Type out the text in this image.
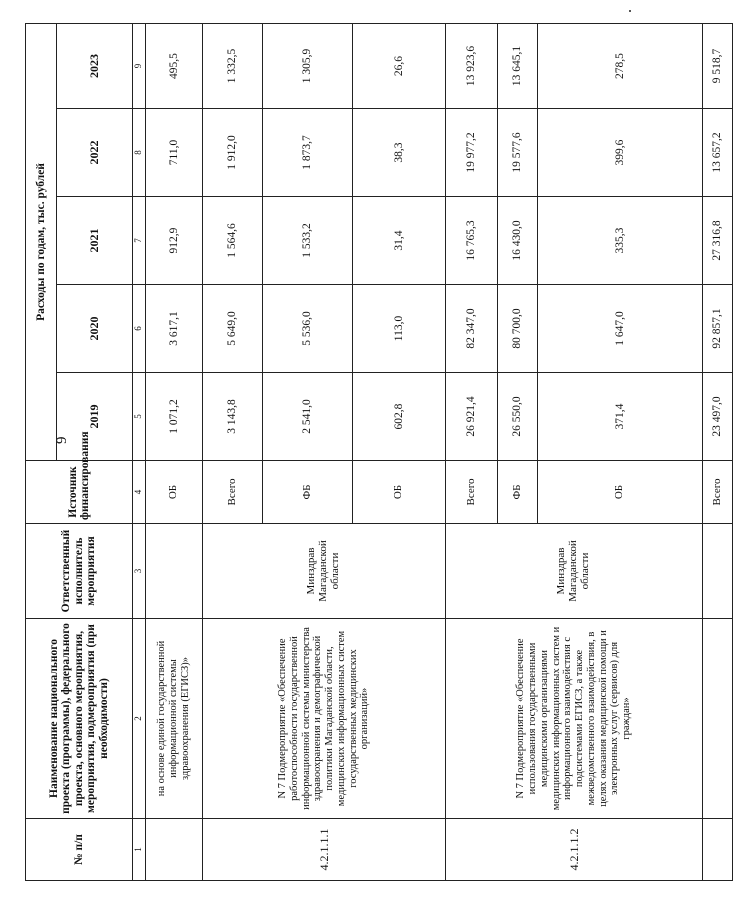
9
№ п/п	Наименование национального проекта (программы), федерального проекта, основного мероприятия, мероприятия, подмероприятия (при необходимости)	Ответственный исполнитель мероприятия	Источник финансирования	Расходы по годам, тыс. рублей				
				2019	2020	2021	2022	2023
1	2	3	4	5	6	7	8	9
	на основе единой государственной информационной системы здравоохранения (ЕГИСЗ)»		ОБ	1 071,2	3 617,1	912,9	711,0	495,5
4.2.1.1.1	N 7 Подмероприятие «Обеспечение работоспособности государственной информационной системы министерства здравоохранения и демографической политики Магаданской области, медицинских информационных систем государственных медицинских организаций»	Минздрав Магаданской области	Всего	3 143,8	5 649,0	1 564,6	1 912,0	1 332,5
			ФБ	2 541,0	5 536,0	1 533,2	1 873,7	1 305,9
			ОБ	602,8	113,0	31,4	38,3	26,6
4.2.1.1.2	N 7 Подмероприятие «Обеспечение использования государственными медицинскими организациями медицинских информационных систем и информационного взаимодействия с подсистемами ЕГИСЗ, а также межведомственного взаимодействия, в целях оказания медицинской помощи и электронных услуг (сервисов) для граждан»	Минздрав Магаданской области	Всего	26 921,4	82 347,0	16 765,3	19 977,2	13 923,6
			ФБ	26 550,0	80 700,0	16 430,0	19 577,6	13 645,1
			ОБ	371,4	1 647,0	335,3	399,6	278,5
			Всего	23 497,0	92 857,1	27 316,8	13 657,2	9 518,7
